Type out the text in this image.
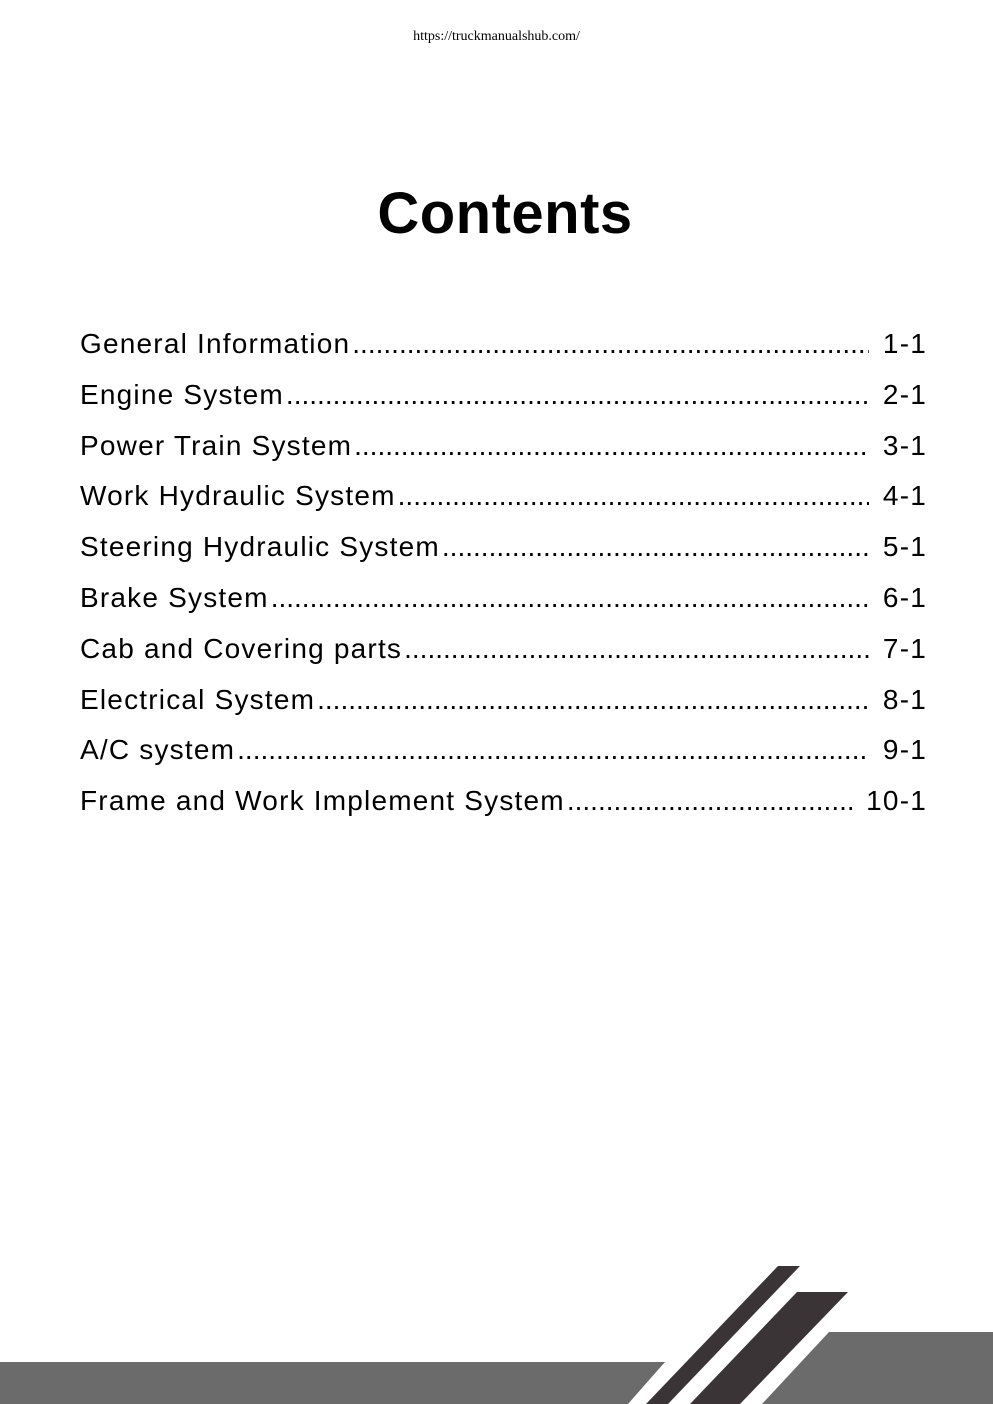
https://truckmanualshub.com/
Contents
General Information .....	1-1
Engine System .....	2-1
Power Train System .....	3-1
Work Hydraulic System .....	4-1
Steering Hydraulic System .....	5-1
Brake System .....	6-1
Cab and Covering parts .....	7-1
Electrical System .....	8-1
A/C system .....	9-1
Frame and Work Implement System .....	10-1
